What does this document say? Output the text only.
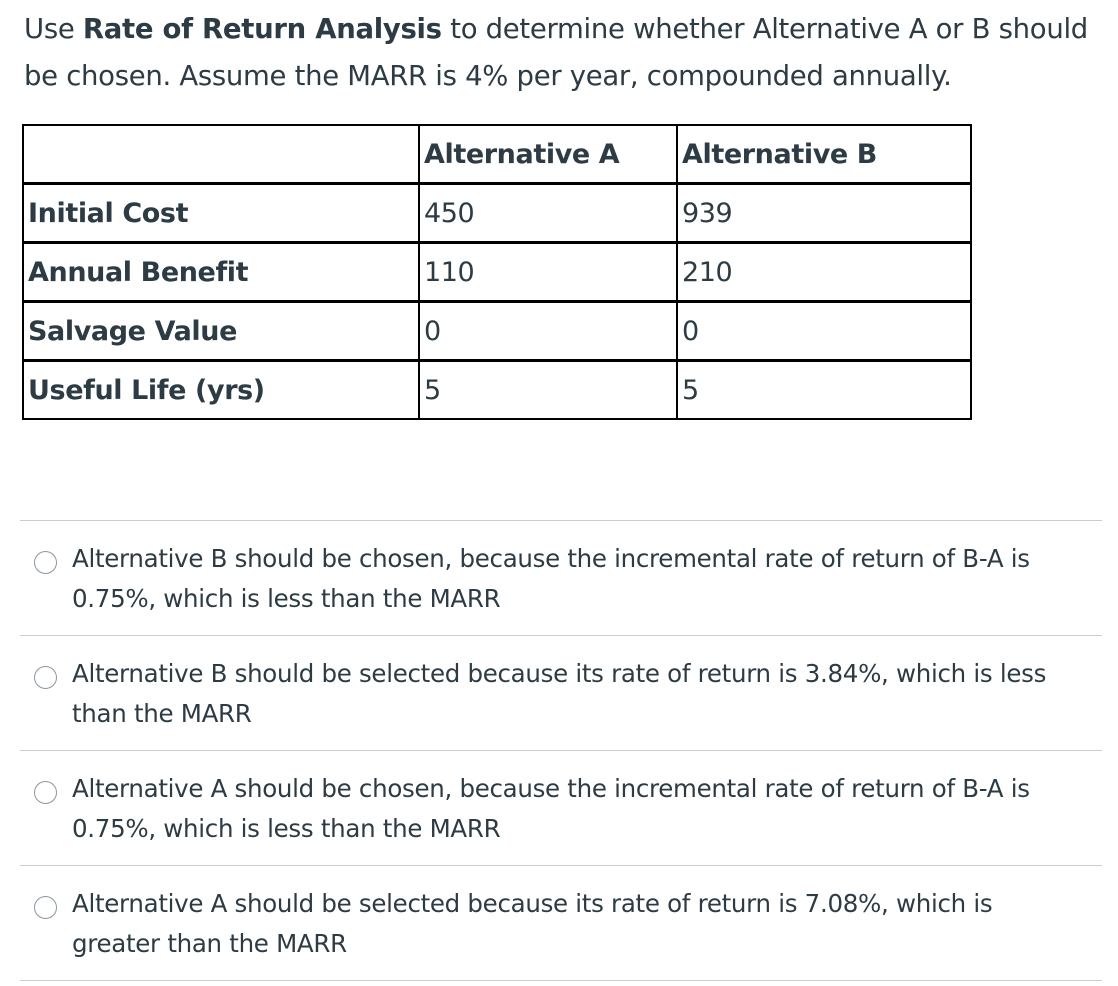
Use Rate of Return Analysis to determine whether Alternative A or B should be chosen. Assume the MARR is 4% per year, compounded annually.

	Alternative A	Alternative B
Initial Cost	450	939
Annual Benefit	110	210
Salvage Value	0	0
Useful Life (yrs)	5	5
Alternative B should be chosen, because the incremental rate of return of B-A is 0.75%, which is less than the MARR
Alternative B should be selected because its rate of return is 3.84%, which is less than the MARR
Alternative A should be chosen, because the incremental rate of return of B-A is 0.75%, which is less than the MARR
Alternative A should be selected because its rate of return is 7.08%, which is greater than the MARR
